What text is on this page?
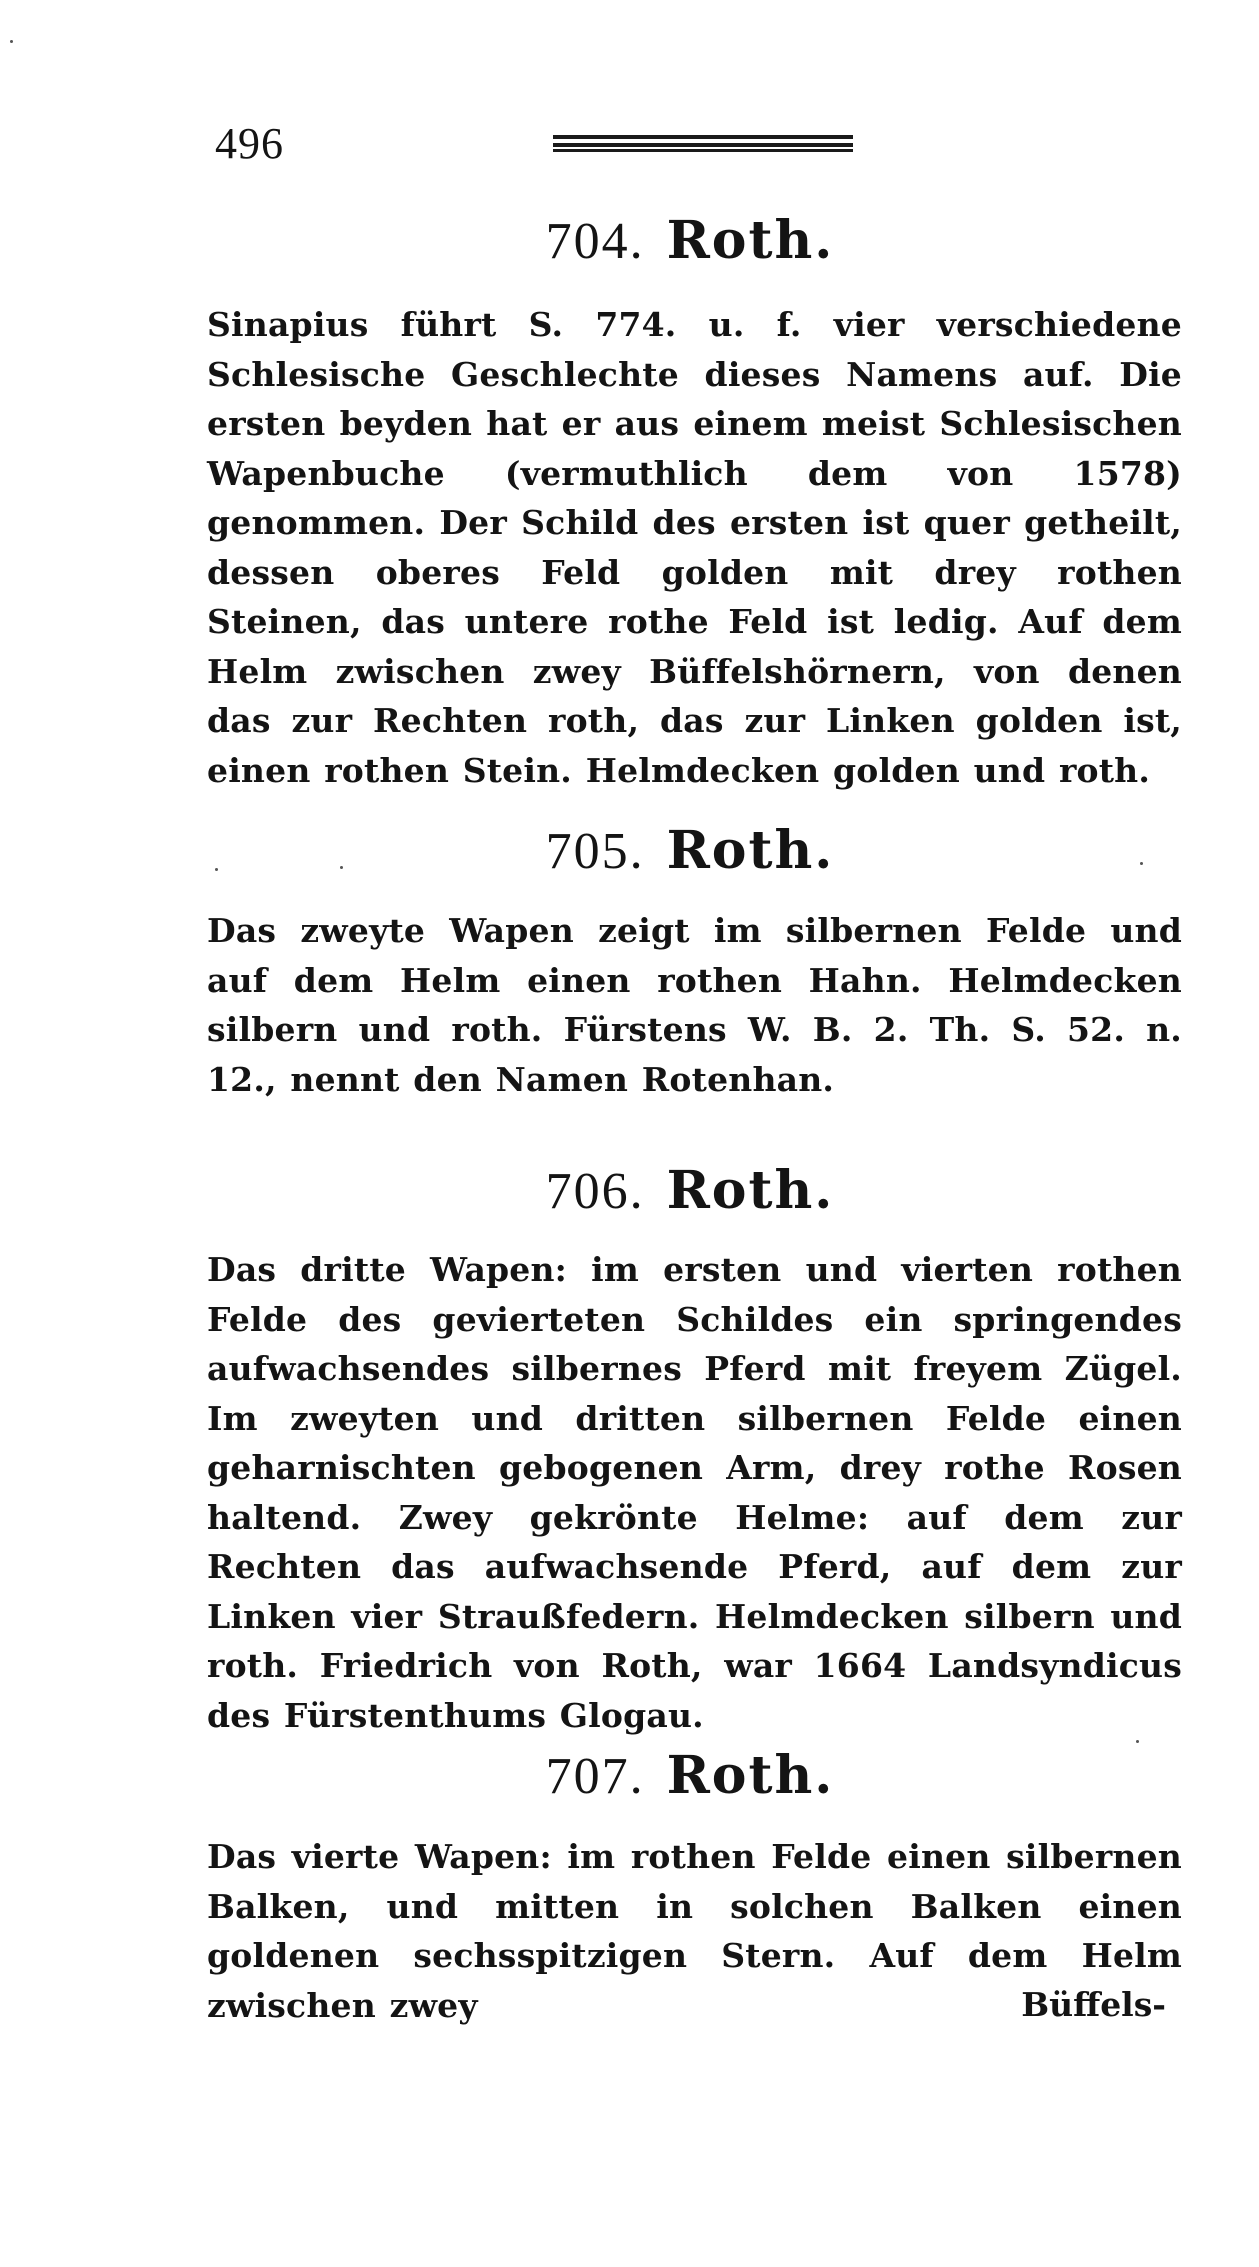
496
704. Roth.
Sinapius führt S. 774. u. f. vier verschiedene Schlesische Geschlechte dieses Namens auf. Die ersten beyden hat er aus einem meist Schlesischen Wapenbuche (vermuthlich dem von 1578) genommen. Der Schild des ersten ist quer getheilt, dessen oberes Feld golden mit drey rothen Steinen, das untere rothe Feld ist ledig. Auf dem Helm zwischen zwey Büffelshörnern, von denen das zur Rechten roth, das zur Linken golden ist, einen rothen Stein. Helmdecken golden und roth.
705. Roth.
Das zweyte Wapen zeigt im silbernen Felde und auf dem Helm einen rothen Hahn. Helmdecken silbern und roth. Fürstens W. B. 2. Th. S. 52. n. 12., nennt den Namen Rotenhan.
706. Roth.
Das dritte Wapen: im ersten und vierten rothen Felde des gevierteten Schildes ein springendes aufwachsendes silbernes Pferd mit freyem Zügel. Im zweyten und dritten silbernen Felde einen geharnischten gebogenen Arm, drey rothe Rosen haltend. Zwey gekrönte Helme: auf dem zur Rechten das aufwachsende Pferd, auf dem zur Linken vier Straußfedern. Helmdecken silbern und roth. Friedrich von Roth, war 1664 Landsyndicus des Fürstenthums Glogau.
707. Roth.
Das vierte Wapen: im rothen Felde einen silbernen Balken, und mitten in solchen Balken einen goldenen sechsspitzigen Stern. Auf dem Helm zwischen zwey	Büffels-
